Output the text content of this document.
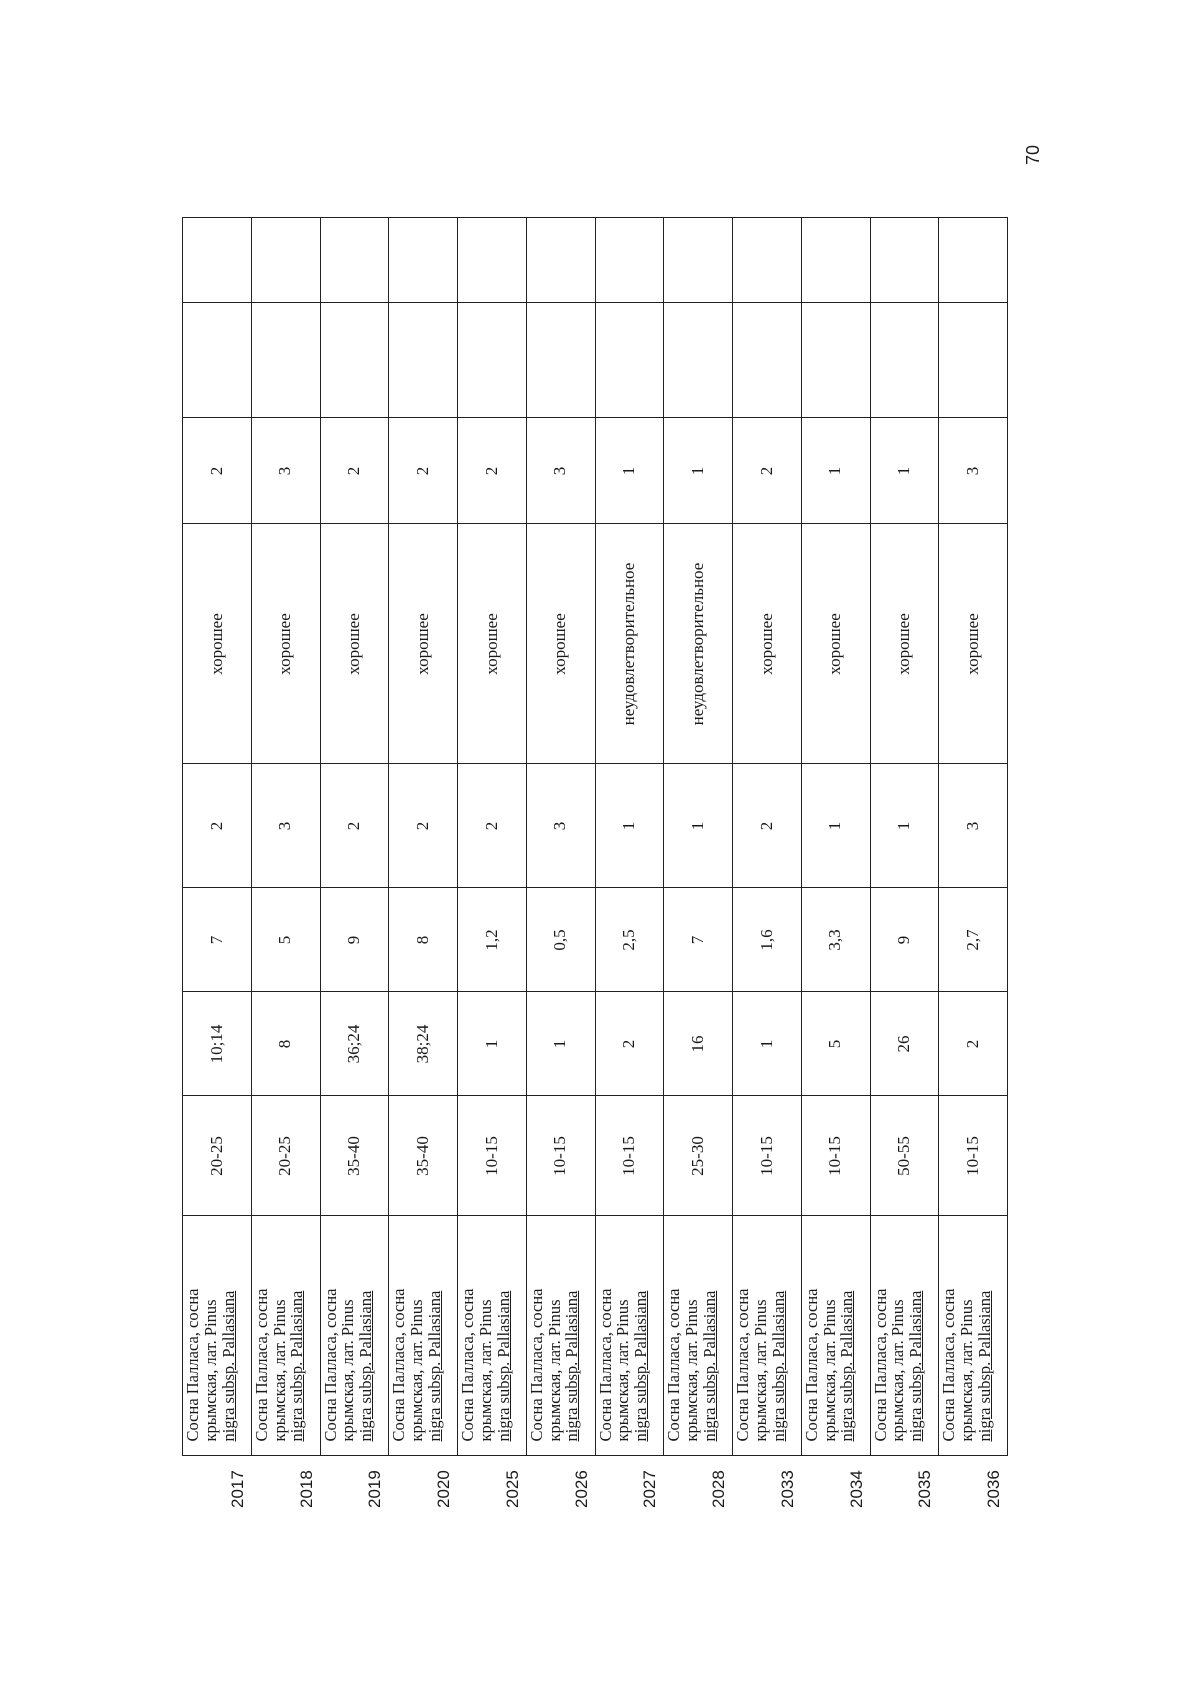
70
2017	Сосна Палласа, сосна
крымская, лат. Pinus
nigra subsp. Pallasiana	20-25	10;14	7	2	хорошее	2		
2018	Сосна Палласа, сосна
крымская, лат. Pinus
nigra subsp. Pallasiana	20-25	8	5	3	хорошее	3		
2019	Сосна Палласа, сосна
крымская, лат. Pinus
nigra subsp. Pallasiana	35-40	36;24	9	2	хорошее	2		
2020	Сосна Палласа, сосна
крымская, лат. Pinus
nigra subsp. Pallasiana	35-40	38;24	8	2	хорошее	2		
2025	Сосна Палласа, сосна
крымская, лат. Pinus
nigra subsp. Pallasiana	10-15	1	1,2	2	хорошее	2		
2026	Сосна Палласа, сосна
крымская, лат. Pinus
nigra subsp. Pallasiana	10-15	1	0,5	3	хорошее	3		
2027	Сосна Палласа, сосна
крымская, лат. Pinus
nigra subsp. Pallasiana	10-15	2	2,5	1	неудовлетворительное	1		
2028	Сосна Палласа, сосна
крымская, лат. Pinus
nigra subsp. Pallasiana	25-30	16	7	1	неудовлетворительное	1		
2033	Сосна Палласа, сосна
крымская, лат. Pinus
nigra subsp. Pallasiana	10-15	1	1,6	2	хорошее	2		
2034	Сосна Палласа, сосна
крымская, лат. Pinus
nigra subsp. Pallasiana	10-15	5	3,3	1	хорошее	1		
2035	Сосна Палласа, сосна
крымская, лат. Pinus
nigra subsp. Pallasiana	50-55	26	9	1	хорошее	1		
2036	Сосна Палласа, сосна
крымская, лат. Pinus
nigra subsp. Pallasiana	10-15	2	2,7	3	хорошее	3		
